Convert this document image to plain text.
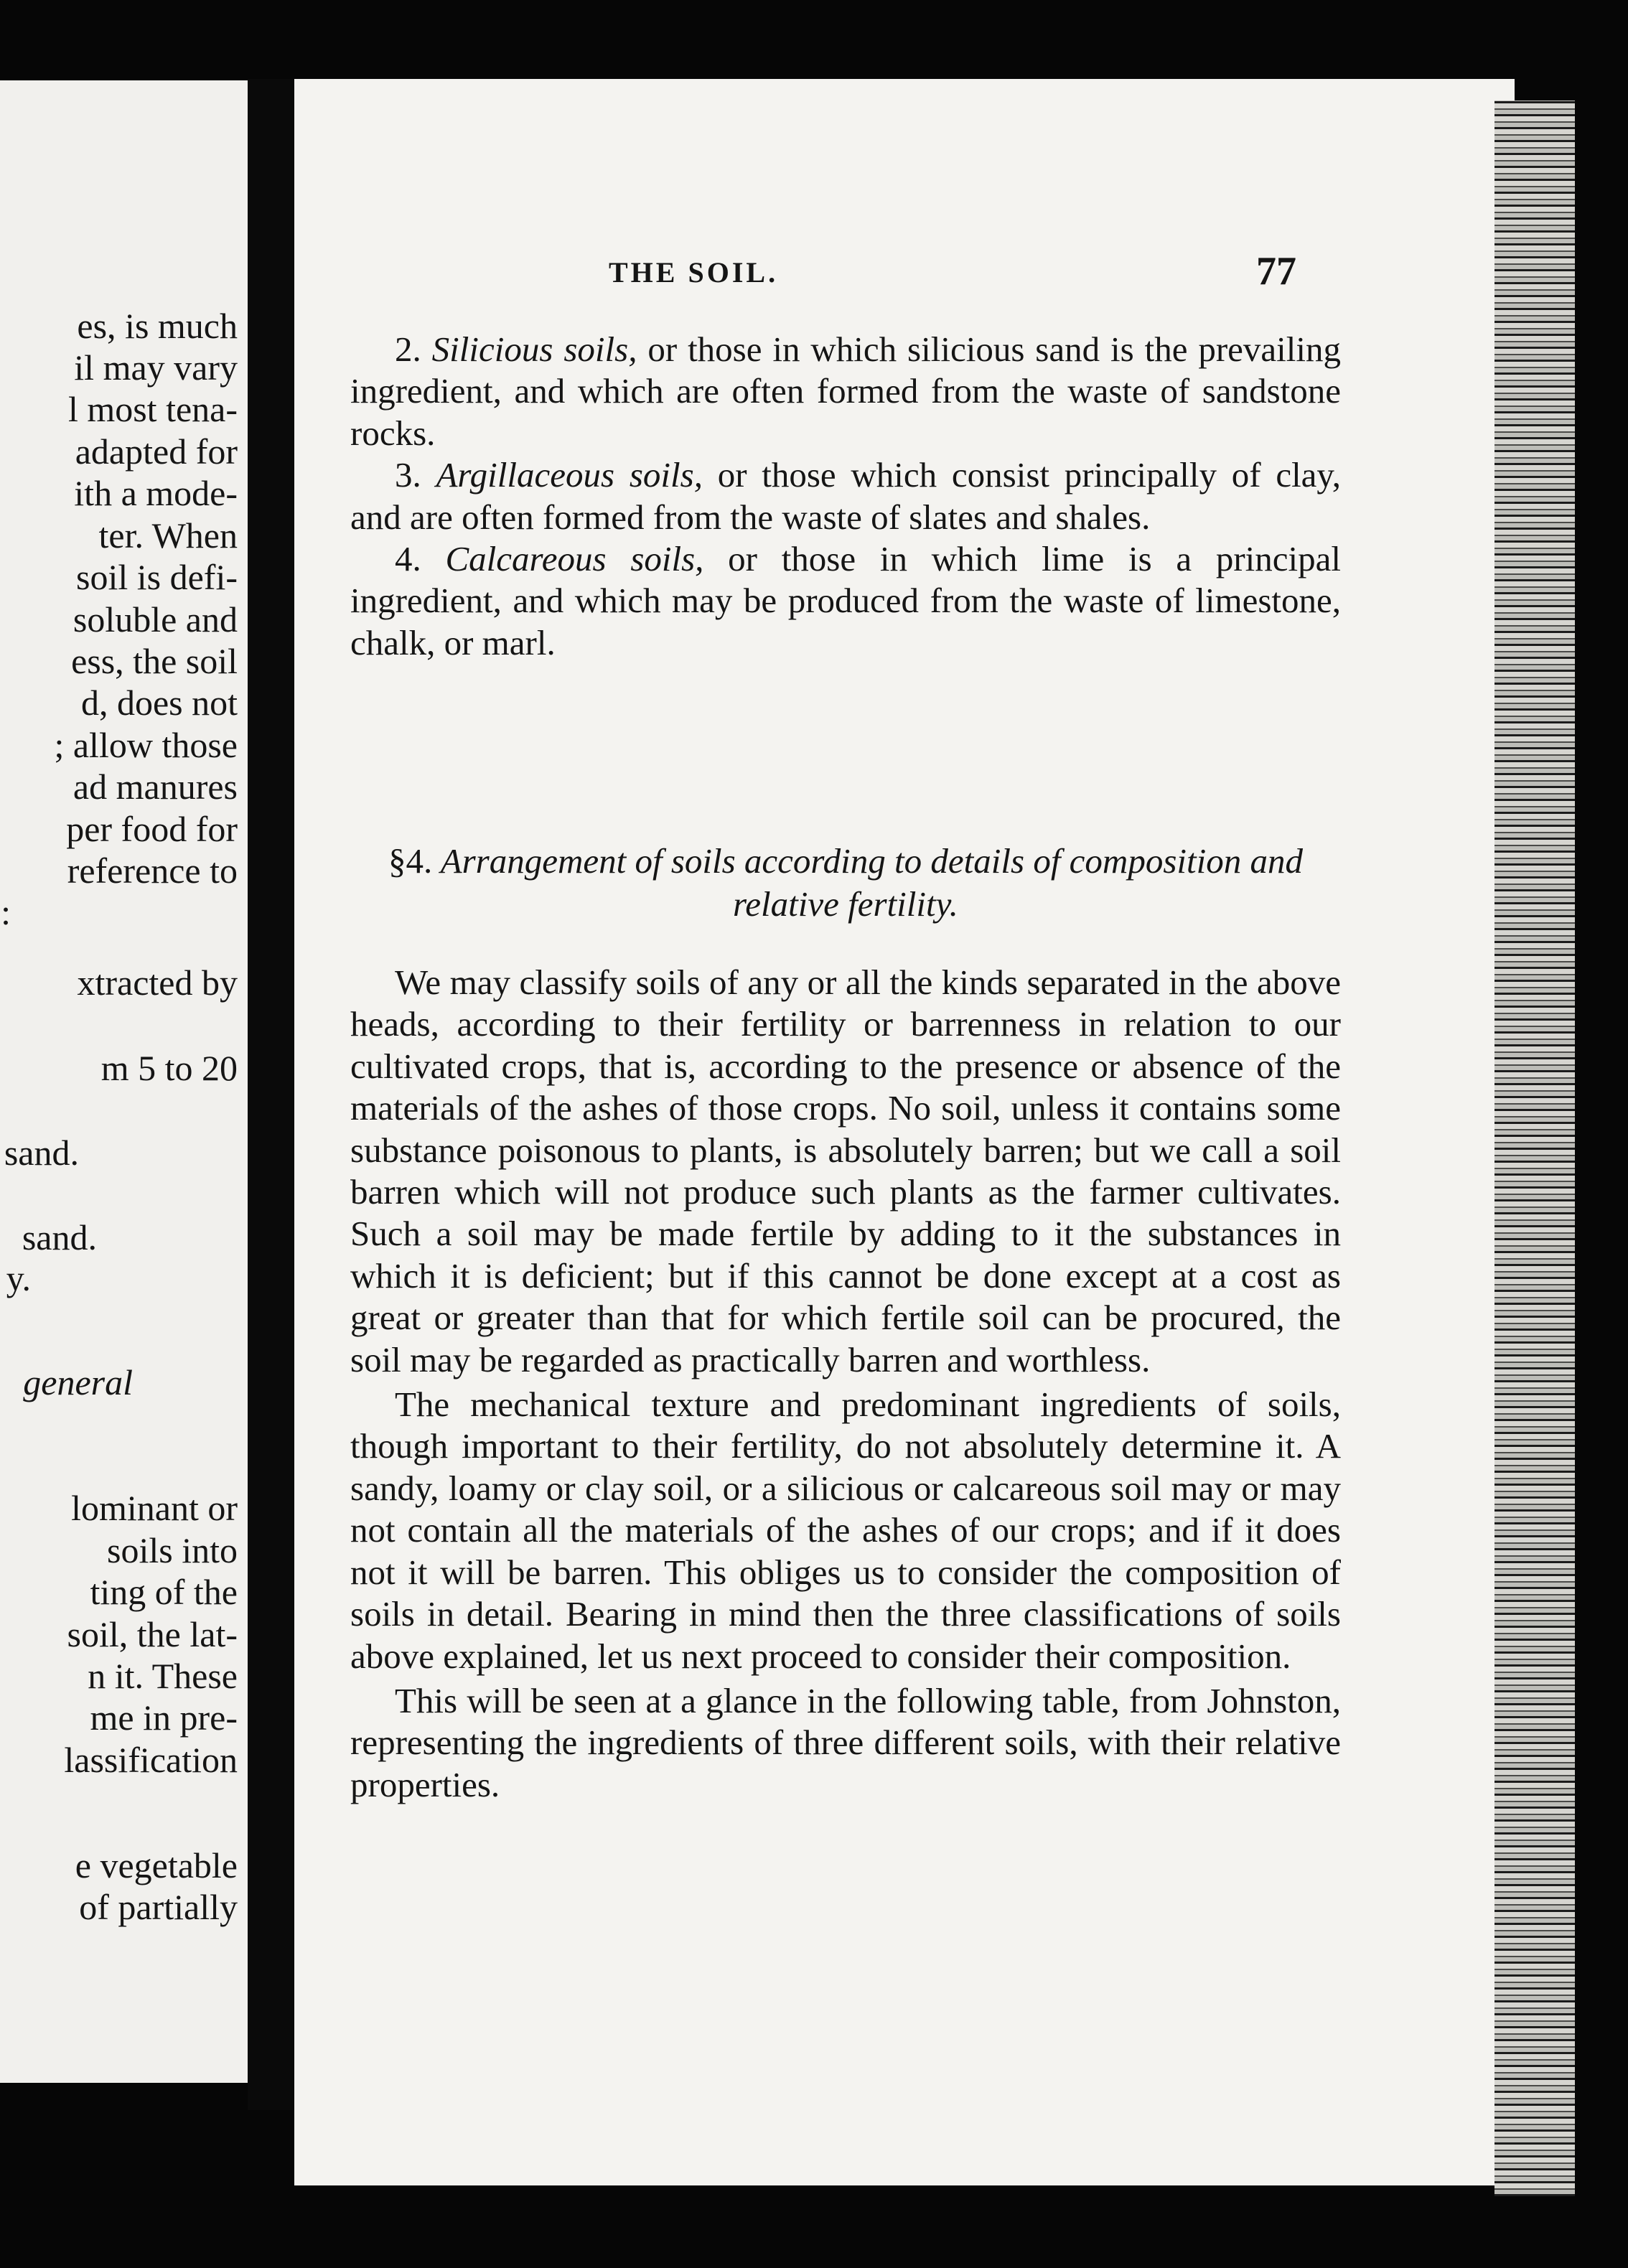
es, is much
il may vary
l most tena-
adapted for
ith a mode-
ter. When
soil is defi-
soluble and
ess, the soil
d, does not
; allow those
ad manures
per food for
reference to
:
xtracted by
m 5 to 20
sand.
sand.
y.
general
lominant or
soils into
ting of the
soil, the lat-
n it. These
me in pre-
lassification
e vegetable
of partially
THE SOIL.	77

2. Silicious soils, or those in which silicious sand is the prevailing ingredient, and which are often formed from the waste of sandstone rocks.

3. Argillaceous soils, or those which consist principally of clay, and are often formed from the waste of slates and shales.

4. Calcareous soils, or those in which lime is a principal ingredient, and which may be produced from the waste of limestone, chalk, or marl.

§4. Arrangement of soils according to details of composition and relative fertility.

We may classify soils of any or all the kinds separated in the above heads, according to their fertility or barrenness in relation to our cultivated crops, that is, according to the presence or absence of the materials of the ashes of those crops. No soil, unless it contains some substance poisonous to plants, is absolutely barren; but we call a soil barren which will not produce such plants as the farmer cultivates. Such a soil may be made fertile by adding to it the substances in which it is deficient; but if this cannot be done except at a cost as great or greater than that for which fertile soil can be procured, the soil may be regarded as practically barren and worthless.

The mechanical texture and predominant ingredients of soils, though important to their fertility, do not absolutely determine it. A sandy, loamy or clay soil, or a silicious or calcareous soil may or may not contain all the materials of the ashes of our crops; and if it does not it will be barren. This obliges us to consider the composition of soils in detail. Bearing in mind then the three classifications of soils above explained, let us next proceed to consider their composition.

This will be seen at a glance in the following table, from Johnston, representing the ingredients of three different soils, with their relative properties.
